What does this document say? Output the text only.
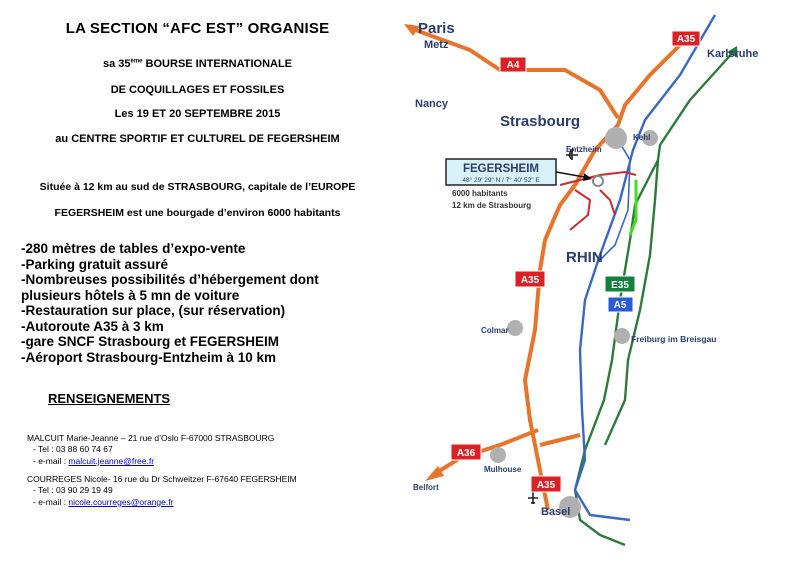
LA SECTION “AFC EST” ORGANISE
sa 35ème BOURSE INTERNATIONALE
DE COQUILLAGES ET FOSSILES
Les 19 ET 20 SEPTEMBRE 2015
au CENTRE SPORTIF ET CULTUREL DE FEGERSHEIM
Située à 12 km au sud de STRASBOURG, capitale de l’EUROPE
FEGERSHEIM est une bourgade d’environ 6000 habitants
-280 mètres de tables d’expo-vente
-Parking gratuit assuré
-Nombreuses possibilités d’hébergement dont
plusieurs hôtels à 5 mn de voiture
-Restauration sur place, (sur réservation)
-Autoroute A35 à 3 km
-gare SNCF Strasbourg et FEGERSHEIM
-Aéroport Strasbourg-Entzheim à 10 km
RENSEIGNEMENTS
MALCUIT Marie-Jeanne – 21 rue d’Oslo F-67000 STRASBOURG
- Tel : 03 88 60 74 67
- e-mail : malcuit.jeanne@free.fr
COURREGES Nicole- 16 rue du Dr Schweitzer F-67640 FEGERSHEIM
- Tel : 03 90 29 19 49
- e-mail : nicole.courreges@orange.fr
Paris
Metz
Nancy
Strasbourg
Entzheim
Kehl
Karlsruhe
RHIN
Colmar
Freiburg im Breisgau
Mulhouse
Belfort
Basel
FEGERSHEIM
48° 29' 29" N / 7° 40' 52" E
6000 habitants
12 km de Strasbourg
A4
A35
A35
A36
A35
E35
A5
